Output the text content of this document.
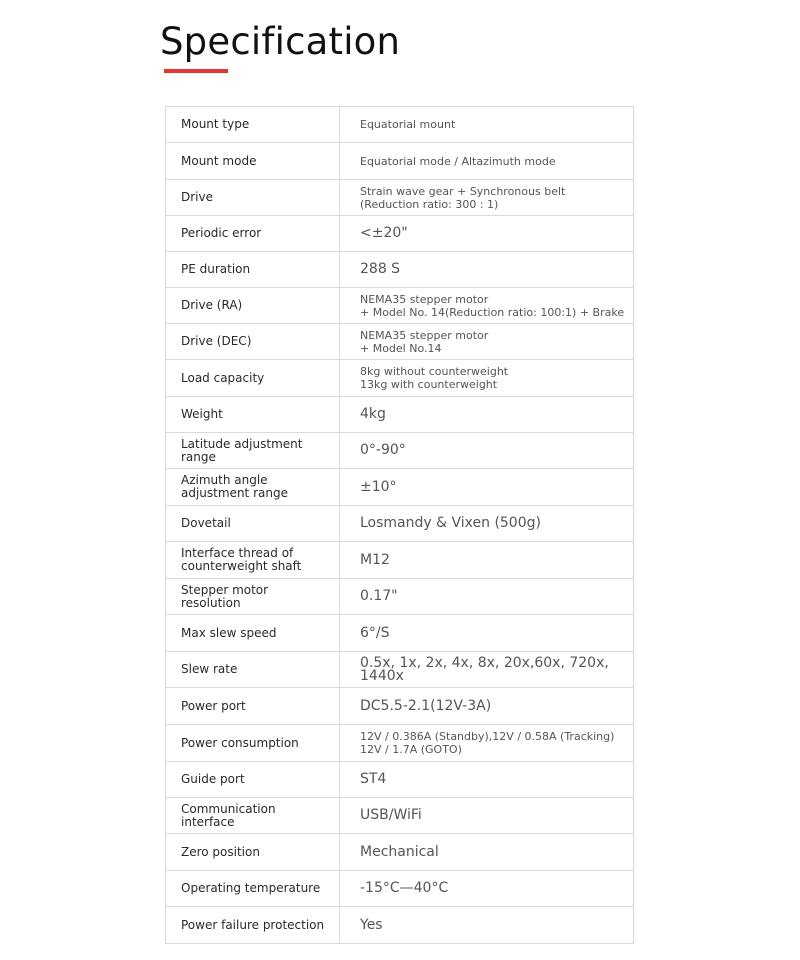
Specification
Mount type	Equatorial mount
Mount mode	Equatorial mode / Altazimuth mode
Drive	Strain wave gear + Synchronous belt
(Reduction ratio: 300 : 1)
Periodic error	<±20"
PE duration	288 S
Drive (RA)	NEMA35 stepper motor
+ Model No. 14(Reduction ratio: 100:1) + Brake
Drive (DEC)	NEMA35 stepper motor
+ Model No.14
Load capacity	8kg without counterweight
13kg with counterweight
Weight	4kg
Latitude adjustment range	0°-90°
Azimuth angle adjustment range	±10°
Dovetail	Losmandy & Vixen (500g)
Interface thread of counterweight shaft	M12
Stepper motor resolution	0.17"
Max slew speed	6°/S
Slew rate	0.5x, 1x, 2x, 4x, 8x, 20x,60x, 720x, 1440x
Power port	DC5.5-2.1(12V-3A)
Power consumption	12V / 0.386A (Standby),12V / 0.58A (Tracking)
12V / 1.7A (GOTO)
Guide port	ST4
Communication interface	USB/WiFi
Zero position	Mechanical
Operating temperature	-15°C—40°C
Power failure protection	Yes
